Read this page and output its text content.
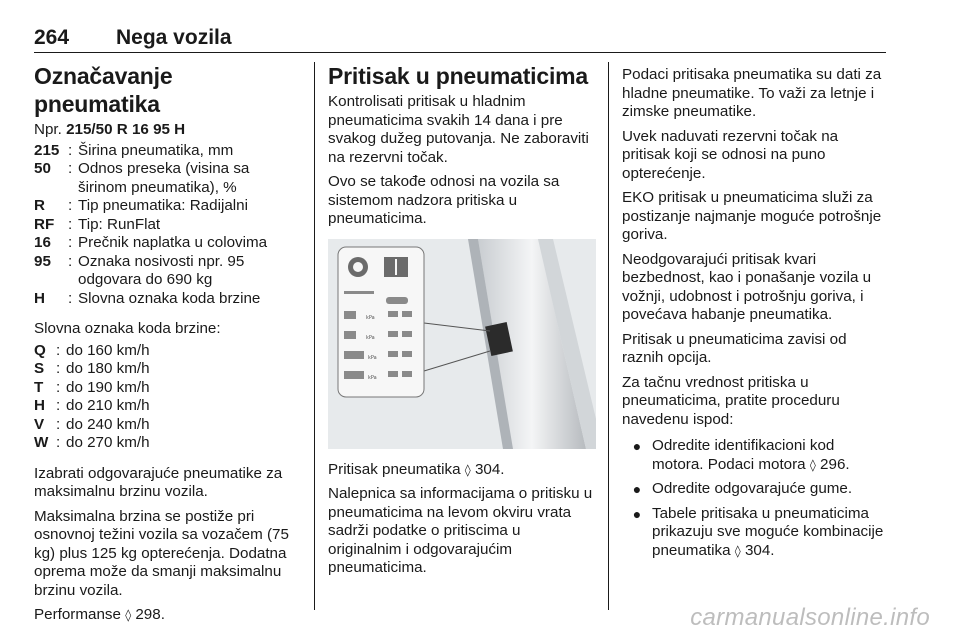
264 Nega vozila
Označavanje pneumatika

Npr. 215/50 R 16 95 H

215 : Širina pneumatika, mm
50	: Odnos preseka (visina sa širinom pneumatika), %
R	: Tip pneumatika: Radijalni
RF : Tip: RunFlat
16	: Prečnik naplatka u colovima
95	: Oznaka nosivosti npr. 95 odgovara do 690 kg
H	: Slovna oznaka koda brzine

Slovna oznaka koda brzine:

Q : do 160 km/h
S : do 180 km/h
T : do 190 km/h
H : do 210 km/h
V : do 240 km/h
W : do 270 km/h

Izabrati odgovarajuće pneumatike za maksimalnu brzinu vozila.

Maksimalna brzina se postiže pri osnovnoj težini vozila sa vozačem (75 kg) plus 125 kg opterećenja. Dodatna oprema može da smanji maksimalnu brzinu vozila.

Performanse ◊ 298.

Pritisak u pneumaticima

Kontrolisati pritisak u hladnim pneumaticima svakih 14 dana i pre svakog dužeg putovanja. Ne zaboraviti na rezervni točak.

Ovo se takođe odnosi na vozila sa sistemom nadzora pritiska u pneumaticima.

kPa
kPa
kPa
kPa

Pritisak pneumatika ◊ 304.

Nalepnica sa informacijama o pritisku u pneumaticima na levom okviru vrata sadrži podatke o pritiscima u originalnim i odgovarajućim pneumaticima.

Podaci pritisaka pneumatika su dati za hladne pneumatike. To važi za letnje i zimske pneumatike.

Uvek naduvati rezervni točak na pritisak koji se odnosi na puno opterećenje.

EKO pritisak u pneumaticima služi za postizanje najmanje moguće potrošnje goriva.

Neodgovarajući pritisak kvari bezbednost, kao i ponašanje vozila u vožnji, udobnost i potrošnju goriva, i povećava habanje pneumatika.

Pritisak u pneumaticima zavisi od raznih opcija.

Za tačnu vrednost pritiska u pneumaticima, pratite proceduru navedenu ispod:

● Odredite identifikacioni kod motora. Podaci motora ◊ 296.
● Odredite odgovarajuće gume.
● Tabele pritisaka u pneumaticima prikazuju sve moguće kombinacije pneumatika ◊ 304.
carmanualsonline.info
